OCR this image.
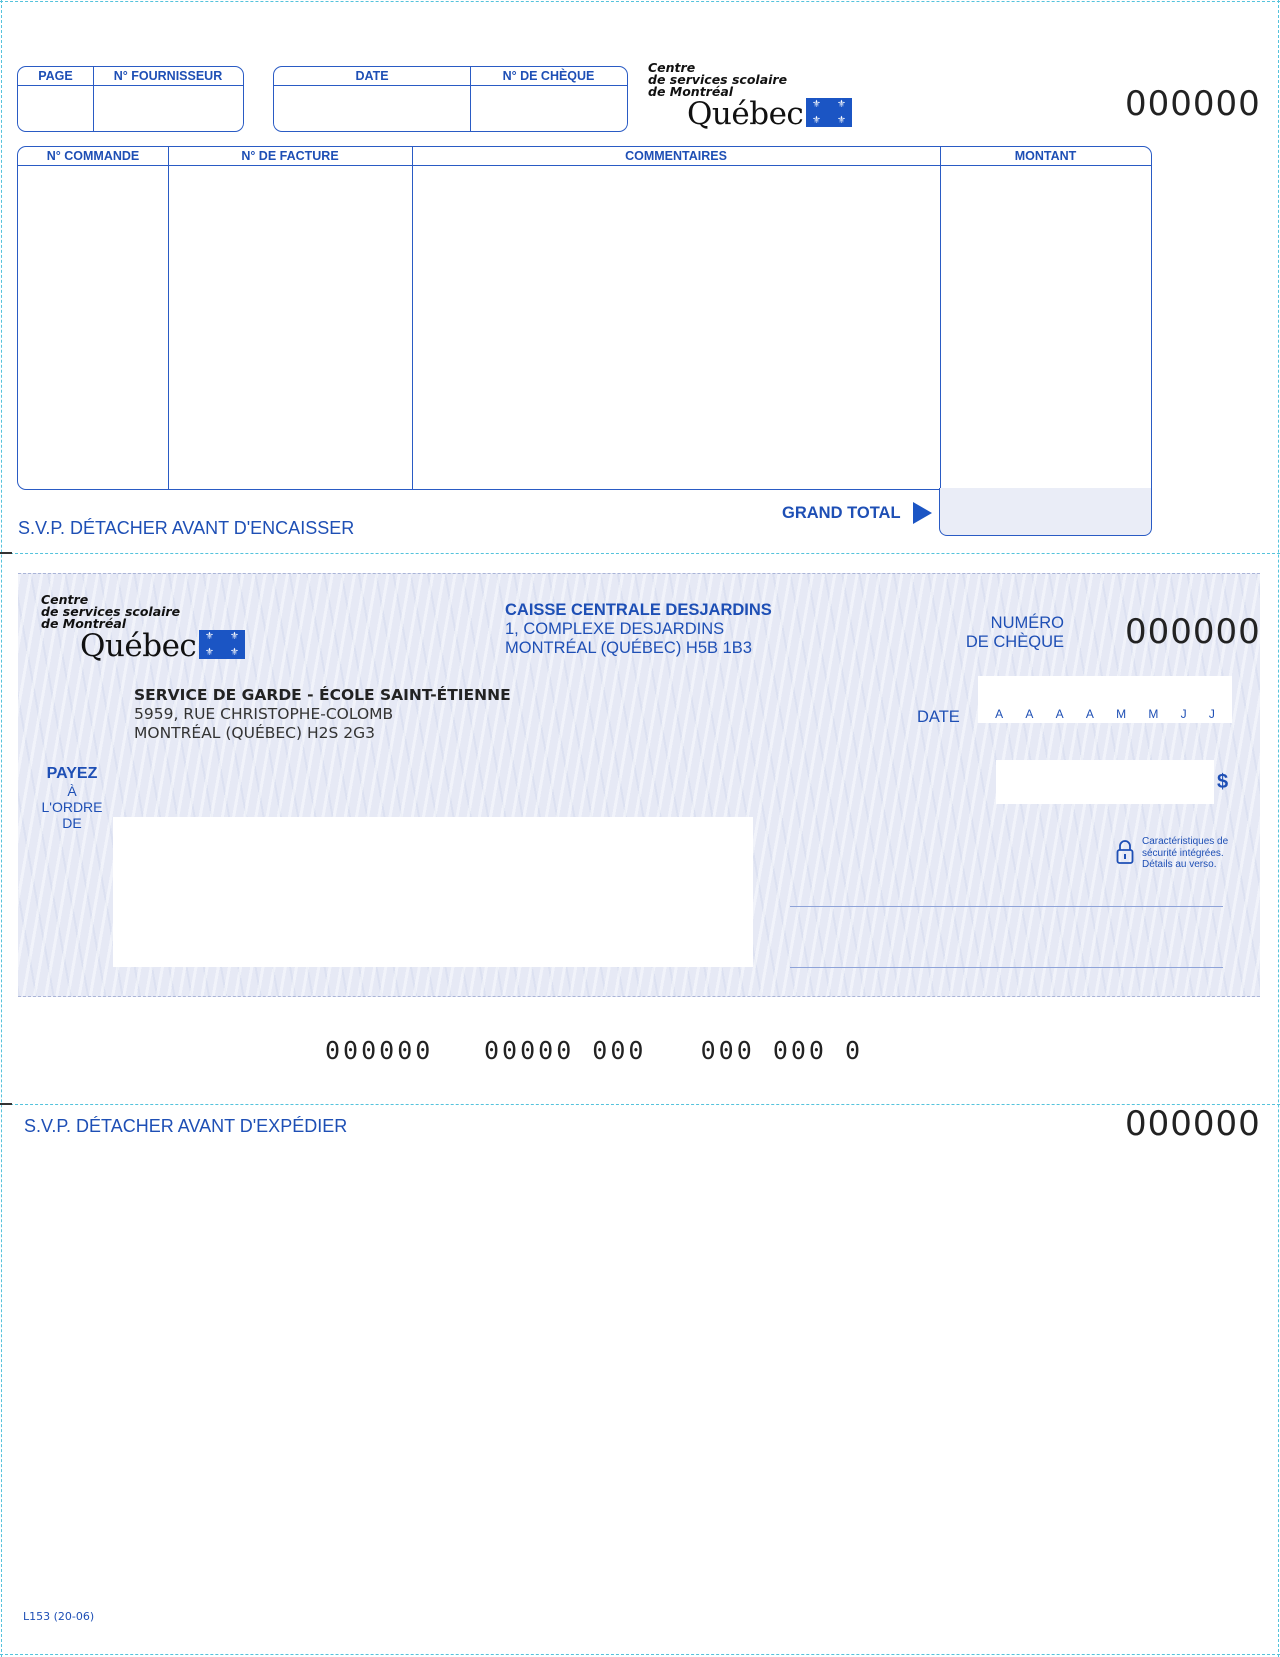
PAGE	N° FOURNISSEUR	DATE	N° DE CHÈQUE
Centre
de services scolaire
de Montréal
Québec ⚜	⚜
⚜	⚜	000000
N° COMMANDE	N° DE FACTURE	COMMENTAIRES	MONTANT
GRAND TOTAL
S.V.P. DÉTACHER AVANT D'ENCAISSER
Centre
de services scolaire
de Montréal
Québec ⚜	⚜
⚜	⚜
CAISSE CENTRALE DESJARDINS
1, COMPLEXE DESJARDINS
MONTRÉAL (QUÉBEC) H5B 1B3
NUMÉRO
DE CHÈQUE 000000
SERVICE DE GARDE - ÉCOLE SAINT-ÉTIENNE
5959, RUE CHRISTOPHE-COLOMB
MONTRÉAL (QUÉBEC) H2S 2G3
DATE	A A A A M M J J
$
PAYEZ
À
L'ORDRE
DE
Caractéristiques de
sécurité intégrées.
Détails au verso.
000000 00000 000   000 000 0
S.V.P. DÉTACHER AVANT D'EXPÉDIER	000000
L153 (20-06)
